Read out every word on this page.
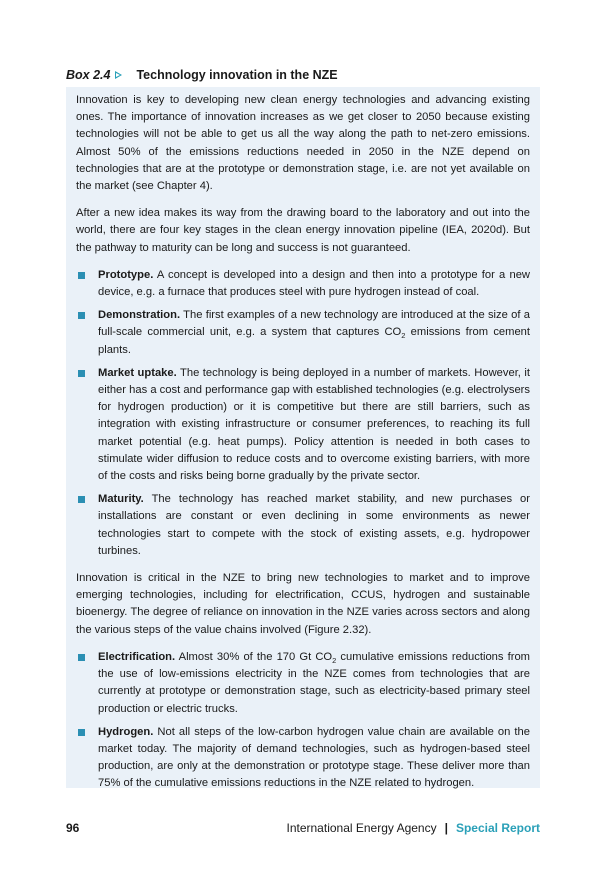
Box 2.4 Technology innovation in the NZE

Innovation is key to developing new clean energy technologies and advancing existing ones. The importance of innovation increases as we get closer to 2050 because existing technologies will not be able to get us all the way along the path to net-zero emissions. Almost 50% of the emissions reductions needed in 2050 in the NZE depend on technologies that are at the prototype or demonstration stage, i.e. are not yet available on the market (see Chapter 4).

After a new idea makes its way from the drawing board to the laboratory and out into the world, there are four key stages in the clean energy innovation pipeline (IEA, 2020d). But the pathway to maturity can be long and success is not guaranteed.

Prototype. A concept is developed into a design and then into a prototype for a new device, e.g. a furnace that produces steel with pure hydrogen instead of coal.
Demonstration. The first examples of a new technology are introduced at the size of a full-scale commercial unit, e.g. a system that captures $CO_2$ emissions from cement plants.
Market uptake. The technology is being deployed in a number of markets. However, it either has a cost and performance gap with established technologies (e.g. electrolysers for hydrogen production) or it is competitive but there are still barriers, such as integration with existing infrastructure or consumer preferences, to reaching its full market potential (e.g. heat pumps). Policy attention is needed in both cases to stimulate wider diffusion to reduce costs and to overcome existing barriers, with more of the costs and risks being borne gradually by the private sector.
Maturity. The technology has reached market stability, and new purchases or installations are constant or even declining in some environments as newer technologies start to compete with the stock of existing assets, e.g. hydropower turbines.

Innovation is critical in the NZE to bring new technologies to market and to improve emerging technologies, including for electrification, CCUS, hydrogen and sustainable bioenergy. The degree of reliance on innovation in the NZE varies across sectors and along the various steps of the value chains involved (Figure 2.32).

Electrification. Almost 30% of the 170 Gt $CO_2$ cumulative emissions reductions from the use of low-emissions electricity in the NZE comes from technologies that are currently at prototype or demonstration stage, such as electricity-based primary steel production or electric trucks.
Hydrogen. Not all steps of the low-carbon hydrogen value chain are available on the market today. The majority of demand technologies, such as hydrogen-based steel production, are only at the demonstration or prototype stage. These deliver more than 75% of the cumulative emissions reductions in the NZE related to hydrogen.
96	International Energy Agency | Special Report
